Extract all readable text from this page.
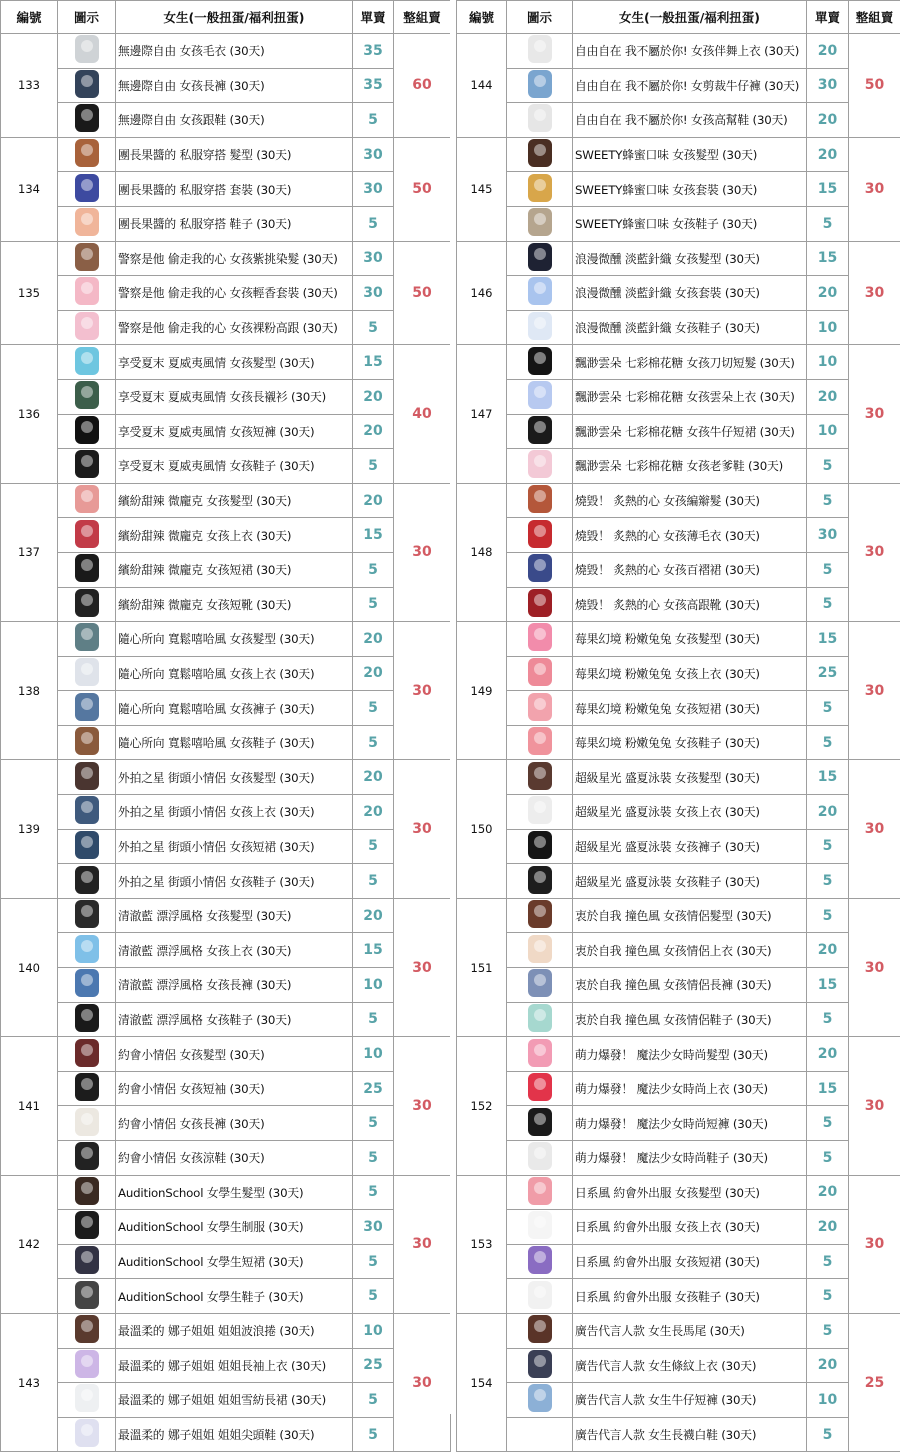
編號	圖示	女生(一般扭蛋/福利扭蛋)	單賣	整組賣
133		無邊際自由 女孩毛衣 (30天)	35	60
		無邊際自由 女孩長褲 (30天)	35	
		無邊際自由 女孩跟鞋 (30天)	5	
134		團長果醬的 私服穿搭 髮型 (30天)	30	50
		團長果醬的 私服穿搭 套裝 (30天)	30	
		團長果醬的 私服穿搭 鞋子 (30天)	5	
135		警察是他 偷走我的心 女孩紫挑染髮 (30天)	30	50
		警察是他 偷走我的心 女孩輕香套裝 (30天)	30	
		警察是他 偷走我的心 女孩裸粉高跟 (30天)	5	
136		享受夏末 夏威夷風情 女孩髮型 (30天)	15	40
		享受夏末 夏威夷風情 女孩長襯衫 (30天)	20	
		享受夏末 夏威夷風情 女孩短褲 (30天)	20	
		享受夏末 夏威夷風情 女孩鞋子 (30天)	5	
137		繽紛甜辣 微龐克 女孩髮型 (30天)	20	30
		繽紛甜辣 微龐克 女孩上衣 (30天)	15	
		繽紛甜辣 微龐克 女孩短裙 (30天)	5	
		繽紛甜辣 微龐克 女孩短靴 (30天)	5	
138		隨心所向 寬鬆嘻哈風 女孩髮型 (30天)	20	30
		隨心所向 寬鬆嘻哈風 女孩上衣 (30天)	20	
		隨心所向 寬鬆嘻哈風 女孩褲子 (30天)	5	
		隨心所向 寬鬆嘻哈風 女孩鞋子 (30天)	5	
139		外拍之星 街頭小情侶 女孩髮型 (30天)	20	30
		外拍之星 街頭小情侶 女孩上衣 (30天)	20	
		外拍之星 街頭小情侶 女孩短裙 (30天)	5	
		外拍之星 街頭小情侶 女孩鞋子 (30天)	5	
140		清澈藍 漂浮風格 女孩髮型 (30天)	20	30
		清澈藍 漂浮風格 女孩上衣 (30天)	15	
		清澈藍 漂浮風格 女孩長褲 (30天)	10	
		清澈藍 漂浮風格 女孩鞋子 (30天)	5	
141		約會小情侶 女孩髮型 (30天)	10	30
		約會小情侶 女孩短袖 (30天)	25	
		約會小情侶 女孩長褲 (30天)	5	
		約會小情侶 女孩涼鞋 (30天)	5	
142		AuditionSchool 女學生髮型 (30天)	5	30
		AuditionSchool 女學生制服 (30天)	30	
		AuditionSchool 女學生短裙 (30天)	5	
		AuditionSchool 女學生鞋子 (30天)	5	
143		最溫柔的 娜子姐姐 姐姐波浪捲 (30天)	10	30
		最溫柔的 娜子姐姐 姐姐長袖上衣 (30天)	25	
		最溫柔的 娜子姐姐 姐姐雪紡長裙 (30天)	5	
		最溫柔的 娜子姐姐 姐姐尖頭鞋 (30天)	5	
編號	圖示	女生(一般扭蛋/福利扭蛋)	單賣	整組賣
144		自由自在 我不屬於你! 女孩伴舞上衣 (30天)	20	50
		自由自在 我不屬於你! 女剪裁牛仔褲 (30天)	30	
		自由自在 我不屬於你! 女孩高幫鞋 (30天)	20	
145		SWEETY蜂蜜口味 女孩髮型 (30天)	20	30
		SWEETY蜂蜜口味 女孩套裝 (30天)	15	
		SWEETY蜂蜜口味 女孩鞋子 (30天)	5	
146		浪漫微醺 淡藍針織 女孩髮型 (30天)	15	30
		浪漫微醺 淡藍針織 女孩套裝 (30天)	20	
		浪漫微醺 淡藍針織 女孩鞋子 (30天)	10	
147		飄渺雲朵 七彩棉花糖 女孩刀切短髮 (30天)	10	30
		飄渺雲朵 七彩棉花糖 女孩雲朵上衣 (30天)	20	
		飄渺雲朵 七彩棉花糖 女孩牛仔短裙 (30天)	10	
		飄渺雲朵 七彩棉花糖 女孩老爹鞋 (30天)	5	
148		燒毀！ 炙熱的心 女孩編辮髮 (30天)	5	30
		燒毀！ 炙熱的心 女孩薄毛衣 (30天)	30	
		燒毀！ 炙熱的心 女孩百褶裙 (30天)	5	
		燒毀！ 炙熱的心 女孩高跟靴 (30天)	5	
149		莓果幻境 粉嫩兔兔 女孩髮型 (30天)	15	30
		莓果幻境 粉嫩兔兔 女孩上衣 (30天)	25	
		莓果幻境 粉嫩兔兔 女孩短裙 (30天)	5	
		莓果幻境 粉嫩兔兔 女孩鞋子 (30天)	5	
150		超級星光 盛夏泳裝 女孩髮型 (30天)	15	30
		超級星光 盛夏泳裝 女孩上衣 (30天)	20	
		超級星光 盛夏泳裝 女孩褲子 (30天)	5	
		超級星光 盛夏泳裝 女孩鞋子 (30天)	5	
151		衷於自我 撞色風 女孩情侶髮型 (30天)	5	30
		衷於自我 撞色風 女孩情侶上衣 (30天)	20	
		衷於自我 撞色風 女孩情侶長褲 (30天)	15	
		衷於自我 撞色風 女孩情侶鞋子 (30天)	5	
152		萌力爆發！ 魔法少女時尚髮型 (30天)	20	30
		萌力爆發！ 魔法少女時尚上衣 (30天)	15	
		萌力爆發！ 魔法少女時尚短褲 (30天)	5	
		萌力爆發！ 魔法少女時尚鞋子 (30天)	5	
153		日系風 約會外出服 女孩髮型 (30天)	20	30
		日系風 約會外出服 女孩上衣 (30天)	20	
		日系風 約會外出服 女孩短裙 (30天)	5	
		日系風 約會外出服 女孩鞋子 (30天)	5	
154		廣告代言人款 女生長馬尾 (30天)	5	25
		廣告代言人款 女生條紋上衣 (30天)	20	
		廣告代言人款 女生牛仔短褲 (30天)	10	
		廣告代言人款 女生長襪白鞋 (30天)	5	
